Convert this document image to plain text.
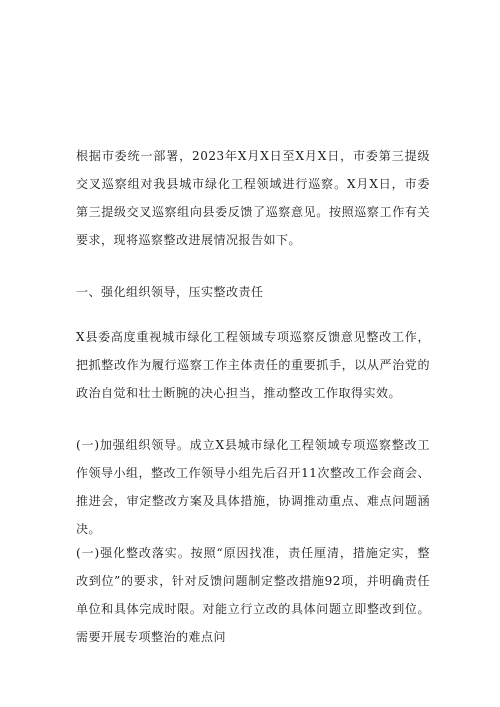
根据市委统一部署，2023年X月X日至X月X日，市委第三提级交叉巡察组对我县城市绿化工程领域进行巡察。X月X日，市委第三提级交叉巡察组向县委反馈了巡察意见。按照巡察工作有关要求，现将巡察整改进展情况报告如下。

一、强化组织领导，压实整改责任

X县委高度重视城市绿化工程领域专项巡察反馈意见整改工作，把抓整改作为履行巡察工作主体责任的重要抓手，以从严治党的政治自觉和壮士断腕的决心担当，推动整改工作取得实效。

(一)加强组织领导。成立X县城市绿化工程领域专项巡察整改工作领导小组，整改工作领导小组先后召开11次整改工作会商会、推进会，审定整改方案及具体措施，协调推动重点、难点问题涵决。

(一)强化整改落实。按照“原因找准，责任厘清，措施定实，整改到位”的要求，针对反馈问题制定整改措施92项，并明确责任单位和具体完成时限。对能立行立改的具体问题立即整改到位。需要开展专项整治的难点问
